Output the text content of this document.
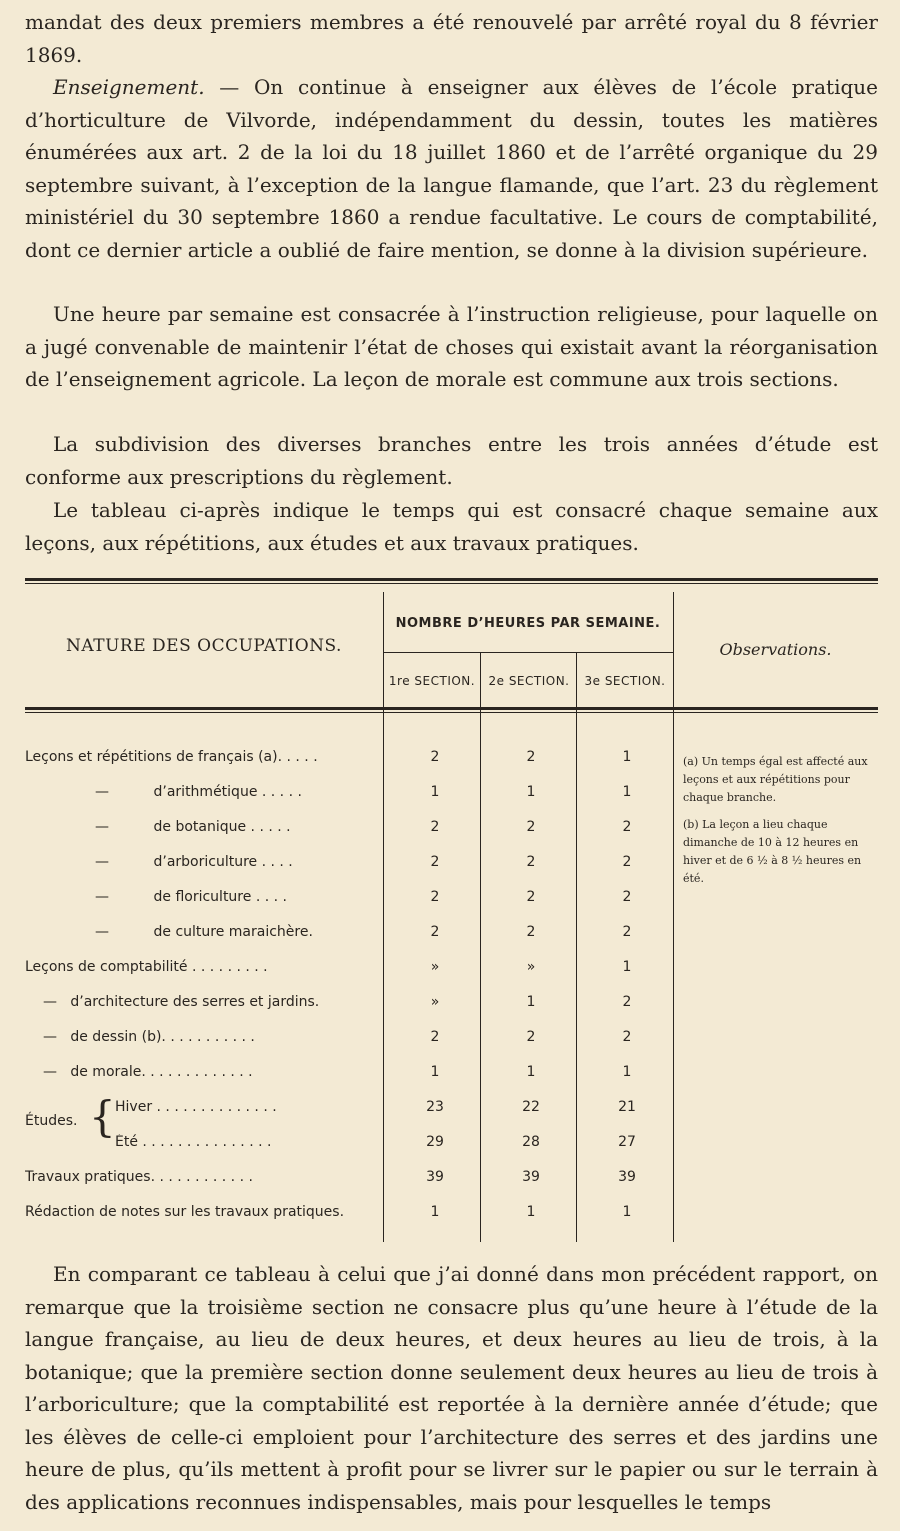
mandat des deux premiers membres a été renouvelé par arrêté royal du 8 février 1869.

Enseignement. — On continue à enseigner aux élèves de l’école pratique d’horticulture de Vilvorde, indépendamment du dessin, toutes les matières énumérées aux art. 2 de la loi du 18 juillet 1860 et de l’arrêté organique du 29 septembre suivant, à l’exception de la langue flamande, que l’art. 23 du règlement ministériel du 30 septembre 1860 a rendue facultative. Le cours de comptabilité, dont ce dernier article a oublié de faire mention, se donne à la division supérieure.

Une heure par semaine est consacrée à l’instruction religieuse, pour laquelle on a jugé convenable de maintenir l’état de choses qui existait avant la réorganisation de l’enseignement agricole. La leçon de morale est commune aux trois sections.

La subdivision des diverses branches entre les trois années d’étude est conforme aux prescriptions du règlement.

Le tableau ci-après indique le temps qui est consacré chaque semaine aux leçons, aux répétitions, aux études et aux travaux pratiques.

NATURE DES OCCUPATIONS.
NOMBRE D’HEURES PAR SEMAINE.
1re SECTION.	2e SECTION.	3e SECTION.
Observations.
Leçons et répétitions de français (a). . . . .	2	2	1
—          d’arithmétique . . . . .	1	1	1
—          de botanique . . . . .	2	2	2
—          d’arboriculture . . . .	2	2	2
—          de floriculture . . . .	2	2	2
—          de culture maraichère.	2	2	2
Leçons de comptabilité . . . . . . . . .	»	»	1
—   d’architecture des serres et jardins.	»	1	2
—   de dessin (b). . . . . . . . . . .	2	2	2
—   de morale. . . . . . . . . . . . .	1	1	1
Études. { Hiver . . . . . . . . . . . . . .	23	22	21
Été . . . . . . . . . . . . . . .	29	28	27
Travaux pratiques. . . . . . . . . . . .	39	39	39
Rédaction de notes sur les travaux pratiques.	1	1	1
(a) Un temps égal est affecté aux leçons et aux répétitions pour chaque branche.
(b) La leçon a lieu chaque dimanche de 10 à 12 heures en hiver et de 6 ½ à 8 ½ heures en été.

En comparant ce tableau à celui que j’ai donné dans mon précédent rapport, on remarque que la troisième section ne consacre plus qu’une heure à l’étude de la langue française, au lieu de deux heures, et deux heures au lieu de trois, à la botanique; que la première section donne seulement deux heures au lieu de trois à l’arboriculture; que la comptabilité est reportée à la dernière année d’étude; que les élèves de celle-ci emploient pour l’architecture des serres et des jardins une heure de plus, qu’ils mettent à profit pour se livrer sur le papier ou sur le terrain à des applications reconnues indispensables, mais pour lesquelles le temps
